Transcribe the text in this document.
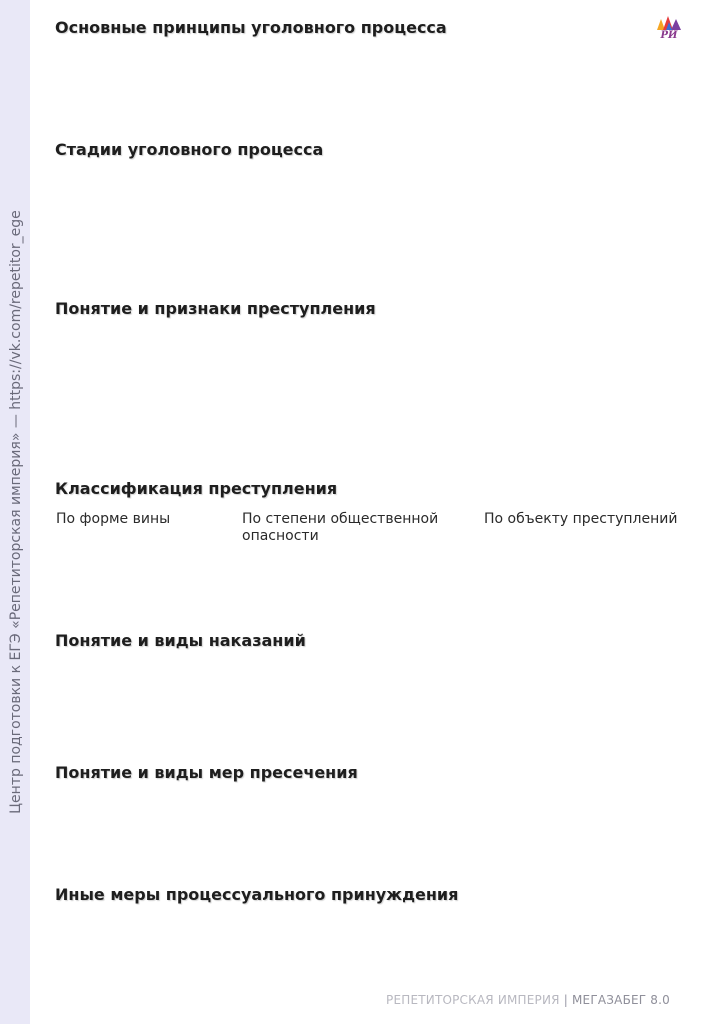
Центр подготовки к ЕГЭ «Репетиторская империя» — https://vk.com/repetitor_ege
РИ
Основные принципы уголовного процесса
Стадии уголовного процесса
Понятие и признаки преступления
Классификация преступления
По форме вины	По степени общественной опасности
По объекту преступлений
Понятие и виды наказаний
Понятие и виды мер пресечения
Иные меры процессуального принуждения
РЕПЕТИТОРСКАЯ ИМПЕРИЯ | МЕГАЗАБЕГ 8.0
